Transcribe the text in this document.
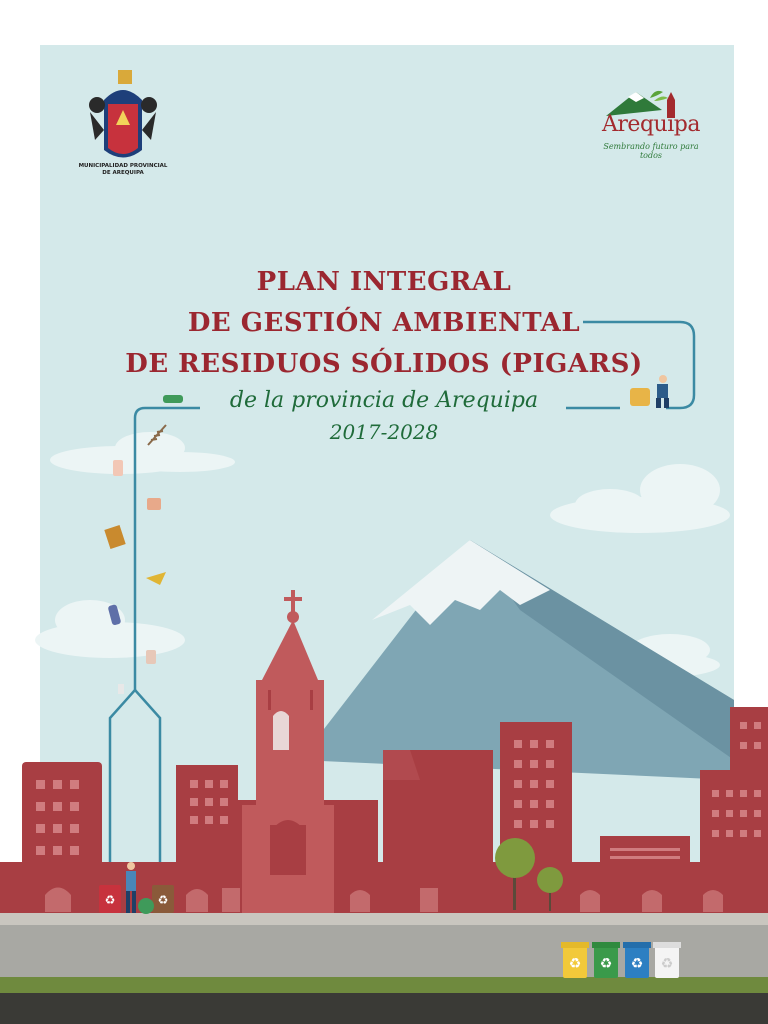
♻	♻
♻ ♻ ♻ ♻
MUNICIPALIDAD PROVINCIAL
DE AREQUIPA
Arequipa
Sembrando futuro para todos
PLAN INTEGRAL
DE GESTIÓN AMBIENTAL
DE RESIDUOS SÓLIDOS (PIGARS)
de la provincia de Arequipa
2017-2028
